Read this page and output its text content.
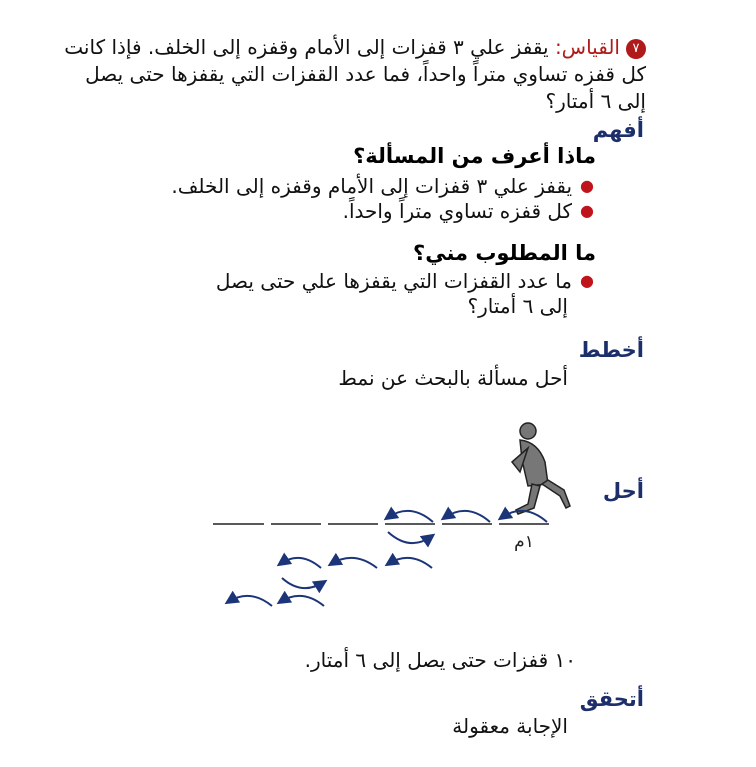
٧القياس: يقفز علي ٣ قفزات إلى الأمام وقفزه إلى الخلف. فإذا كانت كل قفزه تساوي متراً واحداً، فما عدد القفزات التي يقفزها حتى يصل إلى ٦ أمتار؟
أفهم
ماذا أعرف من المسألة؟
●يقفز علي ٣ قفزات إلى الأمام وقفزه إلى الخلف.
●كل قفزه تساوي متراً واحداً.
ما المطلوب مني؟
●ما عدد القفزات التي يقفزها علي حتى يصل
إلى ٦ أمتار؟
أخطط
أحل مسألة بالبحث عن نمط
أحل
١م
١٠ قفزات حتى يصل إلى ٦ أمتار.
أتحقق
الإجابة معقولة
